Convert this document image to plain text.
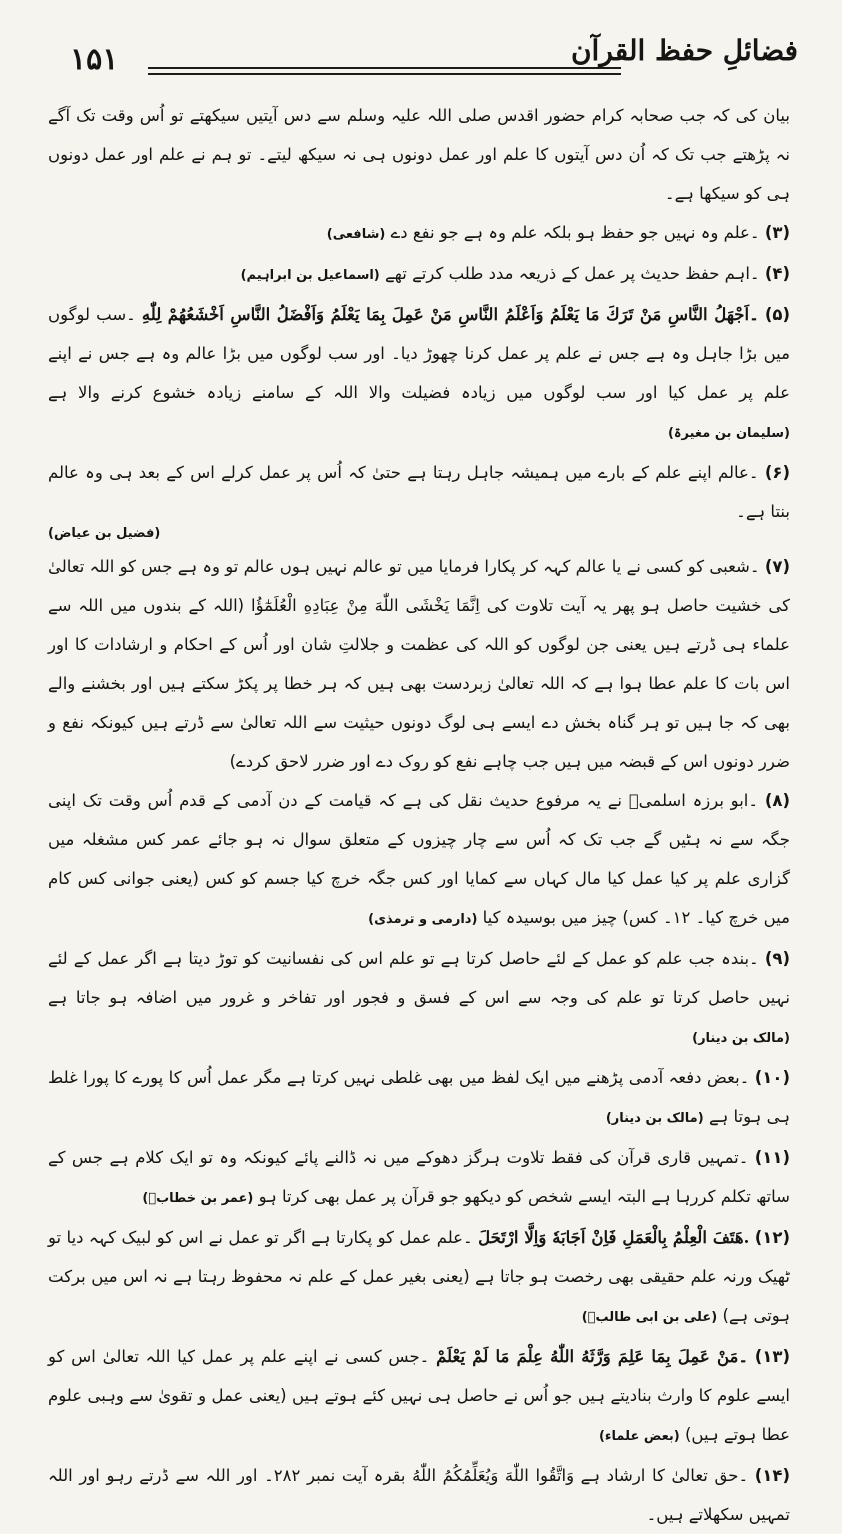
۱۵۱	فضائلِ حفظ القرآن

بیان کی کہ جب صحابہ کرام حضور اقدس صلی اللہ علیہ وسلم سے دس آیتیں سیکھتے تو اُس وقت تک آگے نہ پڑھتے جب تک کہ اُن دس آیتوں کا علم اور عمل دونوں ہی نہ سیکھ لیتے۔ تو ہم نے علم اور عمل دونوں ہی کو سیکھا ہے۔

(۳) ۔علم وہ نہیں جو حفظ ہو بلکہ علم وہ ہے جو نفع دے (شافعی)

(۴) ۔اہم حفظ حدیث پر عمل کے ذریعہ مدد طلب کرتے تھے (اسماعیل بن ابراہیم)

(۵) ۔اَجْهَلُ النَّاسِ مَنْ تَرَكَ مَا يَعْلَمُ وَاَعْلَمُ النَّاسِ مَنْ عَمِلَ بِمَا يَعْلَمُ وَاَفْضَلُ النَّاسِ اَخْشَعُهُمْ لِلّٰهِ ۔سب لوگوں میں بڑا جاہل وہ ہے جس نے علم پر عمل کرنا چھوڑ دیا۔ اور سب لوگوں میں بڑا عالم وہ ہے جس نے اپنے علم پر عمل کیا اور سب لوگوں میں زیادہ فضیلت والا اللہ کے سامنے زیادہ خشوع کرنے والا ہے (سلیمان بن مغیرۃ)

(۶) ۔عالم اپنے علم کے بارے میں ہمیشہ جاہل رہتا ہے حتیٰ کہ اُس پر عمل کرلے اس کے بعد ہی وہ عالم بنتا ہے۔

(فضیل بن عیاض)

(۷) ۔شعبی کو کسی نے یا عالم کہہ کر پکارا فرمایا میں تو عالم نہیں ہوں عالم تو وہ ہے جس کو اللہ تعالیٰ کی خشیت حاصل ہو پھر یہ آیت تلاوت کی اِنَّمَا يَخْشَى اللّٰهَ مِنْ عِبَادِهِ الْعُلَمٰٓؤُا (اللہ کے بندوں میں اللہ سے علماء ہی ڈرتے ہیں یعنی جن لوگوں کو اللہ کی عظمت و جلالتِ شان اور اُس کے احکام و ارشادات کا اور اس بات کا علم عطا ہوا ہے کہ اللہ تعالیٰ زبردست بھی ہیں کہ ہر خطا پر پکڑ سکتے ہیں اور بخشنے والے بھی کہ جا ہیں تو ہر گناہ بخش دے ایسے ہی لوگ دونوں حیثیت سے اللہ تعالیٰ سے ڈرتے ہیں کیونکہ نفع و ضرر دونوں اس کے قبضہ میں ہیں جب چاہے نفع کو روک دے اور ضرر لاحق کردے)

(۸) ۔ابو برزہ اسلمیؓ نے یہ مرفوع حدیث نقل کی ہے کہ قیامت کے دن آدمی کے قدم اُس وقت تک اپنی جگہ سے نہ ہٹیں گے جب تک کہ اُس سے چار چیزوں کے متعلق سوال نہ ہو جائے عمر کس مشغلہ میں گزاری علم پر کیا عمل کیا مال کہاں سے کمایا اور کس جگہ خرچ کیا جسم کو کس (یعنی جوانی کس کام میں خرچ کیا۔ ۱۲۔ کس) چیز میں بوسیدہ کیا (دارمی و ترمذی)

(۹) ۔بندہ جب علم کو عمل کے لئے حاصل کرتا ہے تو علم اس کی نفسانیت کو توڑ دیتا ہے اگر عمل کے لئے نہیں حاصل کرتا تو علم کی وجہ سے اس کے فسق و فجور اور تفاخر و غرور میں اضافہ ہو جاتا ہے (مالک بن دینار)

(۱۰) ۔بعض دفعہ آدمی پڑھنے میں ایک لفظ میں بھی غلطی نہیں کرتا ہے مگر عمل اُس کا پورے کا پورا غلط ہی ہوتا ہے (مالک بن دینار)

(۱۱) ۔تمہیں قاری قرآن کی فقط تلاوت ہرگز دھوکے میں نہ ڈالنے پائے کیونکہ وہ تو ایک کلام ہے جس کے ساتھ تکلم کررہا ہے البتہ ایسے شخص کو دیکھو جو قرآن پر عمل بھی کرتا ہو (عمر بن خطابؓ)

(۱۲) .هَتَفَ الْعِلْمُ بِالْعَمَلِ فَاِنْ اَجَابَهٗ وَاِلَّا ارْتَحَلَ ۔علم عمل کو پکارتا ہے اگر تو عمل نے اس کو لبیک کہہ دیا تو ٹھیک ورنہ علم حقیقی بھی رخصت ہو جاتا ہے (یعنی بغیر عمل کے علم نہ محفوظ رہتا ہے نہ اس میں برکت ہوتی ہے) (علی بن ابی طالبؓ)

(۱۳) ۔مَنْ عَمِلَ بِمَا عَلِمَ وَرَّثَهُ اللّٰهُ عِلْمَ مَا لَمْ يَعْلَمْ ۔جس کسی نے اپنے علم پر عمل کیا اللہ تعالیٰ اس کو ایسے علوم کا وارث بنادیتے ہیں جو اُس نے حاصل ہی نہیں کئے ہوتے ہیں (یعنی عمل و تقویٰ سے وہبی علوم عطا ہوتے ہیں) (بعض علماء)

(۱۴) ۔حق تعالیٰ کا ارشاد ہے وَاتَّقُوا اللّٰهَ وَيُعَلِّمُكُمُ اللّٰهُ بقرہ آیت نمبر ۲۸۲۔ اور اللہ سے ڈرتے رہو اور اللہ تمہیں سکھلاتے ہیں۔
